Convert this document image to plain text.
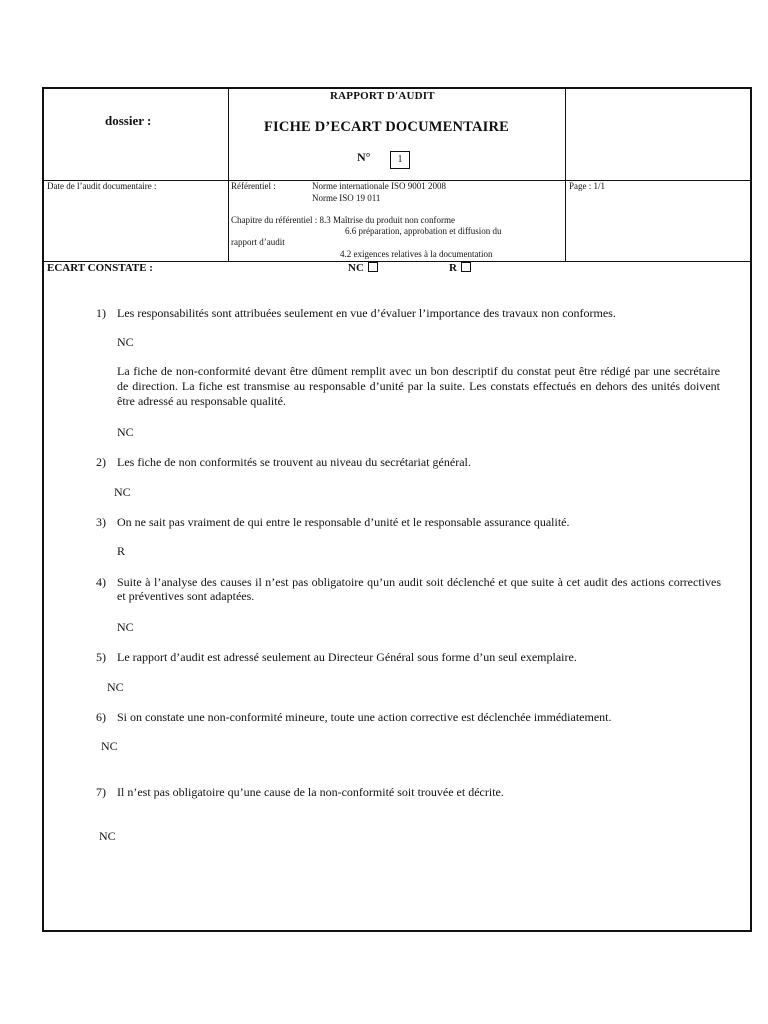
dossier :
RAPPORT D'AUDIT
FICHE D’ECART DOCUMENTAIRE
N°	1
Date de l’audit documentaire :	Référentiel :	Norme internationale ISO 9001 2008
Norme ISO 19 011
Chapitre du référentiel : 8.3 Maîtrise du produit non conforme
6.6 préparation, approbation et diffusion du
rapport d’audit
4.2 exigences relatives à la documentation
Page : 1/1
ECART CONSTATE :	NC	R
1) Les responsabilités sont attribuées seulement en vue d’évaluer l’importance des travaux non conformes.
NC
La fiche de non-conformité devant être dûment remplit avec un bon descriptif du constat peut être rédigé par une secrétaire de direction. La fiche est transmise au responsable d’unité par la suite. Les constats effectués en dehors des unités doivent être adressé au responsable qualité.
NC
2) Les fiche de non conformités se trouvent au niveau du secrétariat général.
NC
3) On ne sait pas vraiment de qui entre le responsable d’unité et le responsable assurance qualité.
R
4) Suite à l’analyse des causes il n’est pas obligatoire qu’un audit soit déclenché et que suite à cet audit des actions correctives et préventives sont adaptées.
NC
5) Le rapport d’audit est adressé seulement au Directeur Général sous forme d’un seul exemplaire.
NC
6) Si on constate une non-conformité mineure, toute une action corrective est déclenchée immédiatement.
NC
7) Il n’est pas obligatoire qu’une cause de la non-conformité soit trouvée et décrite.
NC
